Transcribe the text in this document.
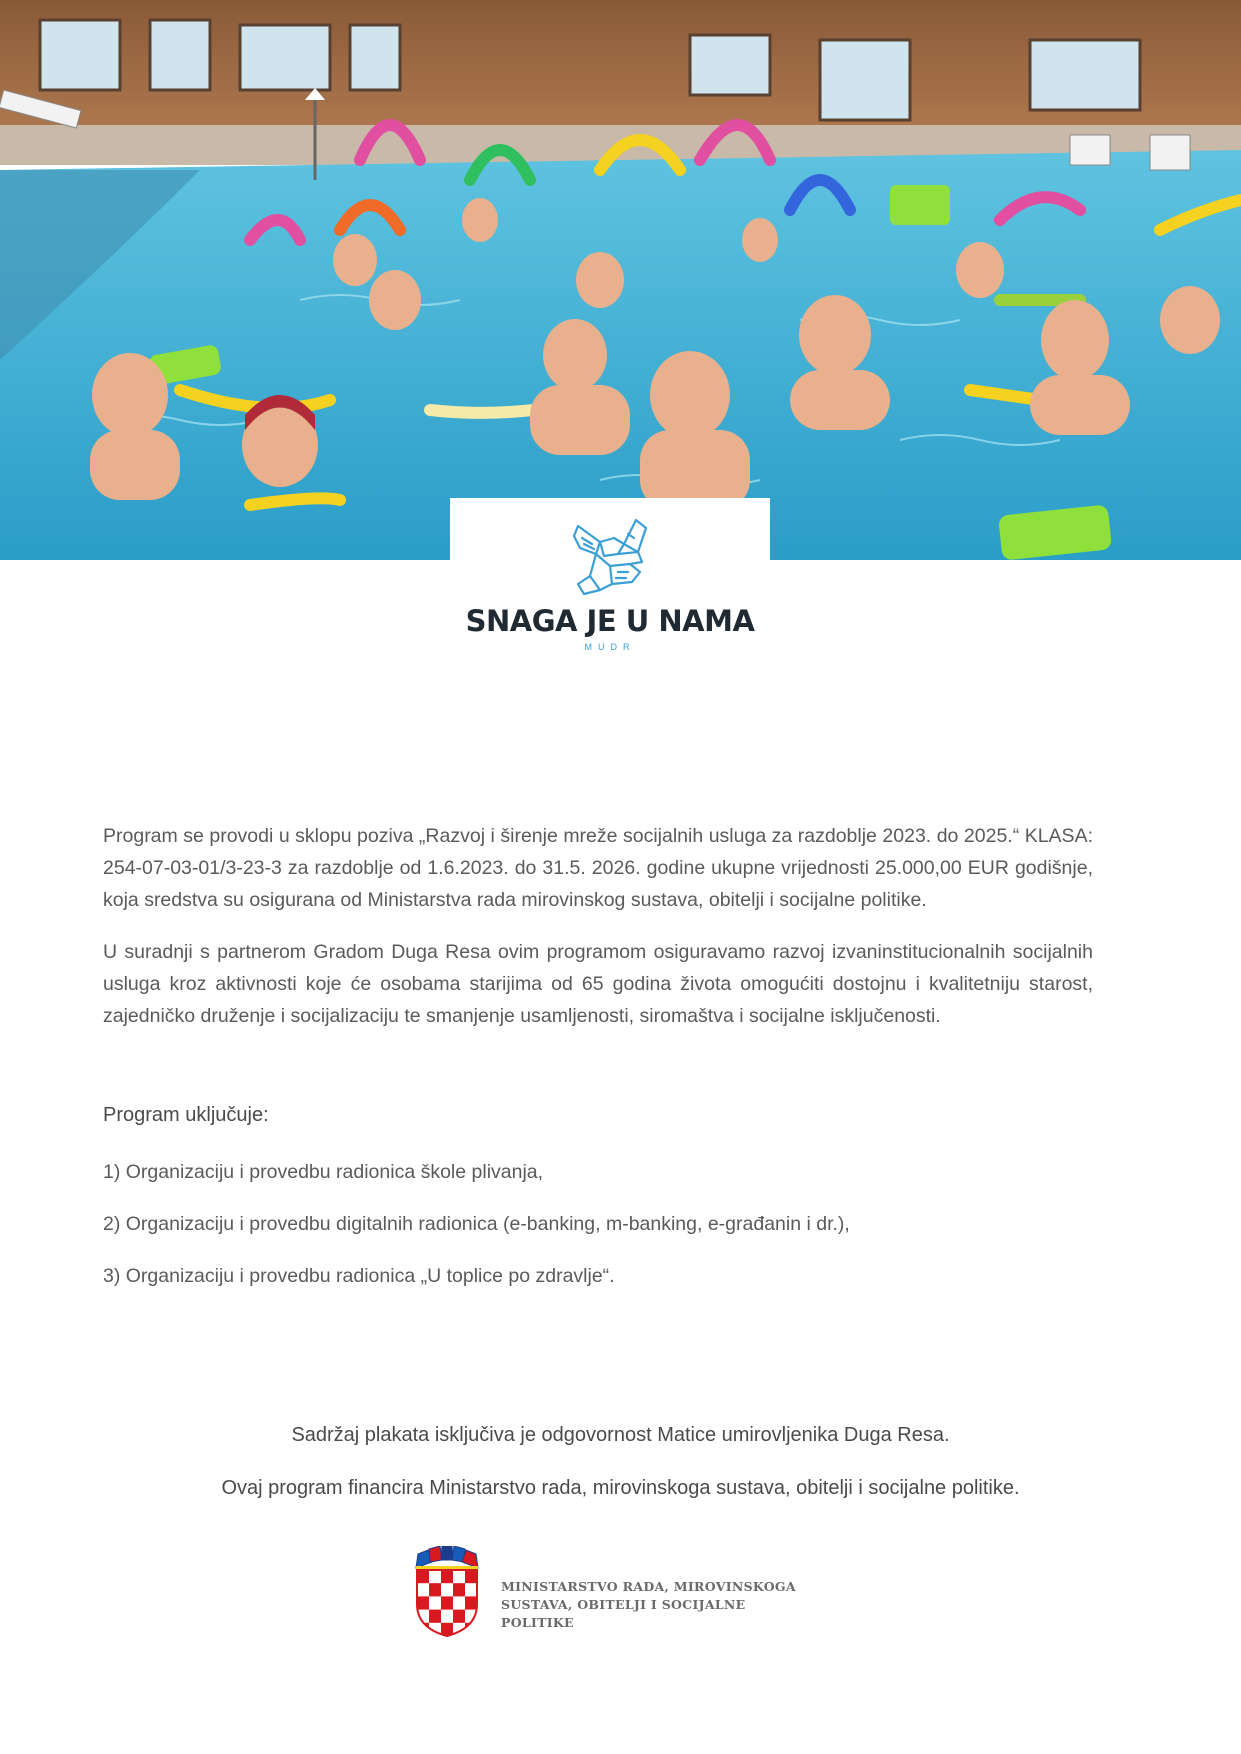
SNAGA JE U NAMA
MUDR

Program se provodi u sklopu poziva „Razvoj i širenje mreže socijalnih usluga za razdoblje 2023. do 2025.“ KLASA: 254-07-03-01/3-23-3 za razdoblje od 1.6.2023. do 31.5. 2026. godine ukupne vrijednosti 25.000,00 EUR godišnje, koja sredstva su osigurana od Ministarstva rada mirovinskog sustava, obitelji i socijalne politike.

U suradnji s partnerom Gradom Duga Resa ovim programom osiguravamo razvoj izvaninstitucionalnih socijalnih usluga kroz aktivnosti koje će osobama starijima od 65 godina života omogućiti dostojnu i kvalitetniju starost, zajedničko druženje i socijalizaciju te smanjenje usamljenosti, siromaštva i socijalne isključenosti.

Program uključuje:
1) Organizaciju i provedbu radionica škole plivanja,
2) Organizaciju i provedbu digitalnih radionica (e-banking, m-banking, e-građanin i dr.),
3) Organizaciju i provedbu radionica „U toplice po zdravlje“.
Sadržaj plakata isključiva je odgovornost Matice umirovljenika Duga Resa.
Ovaj program financira Ministarstvo rada, mirovinskoga sustava, obitelji i socijalne politike.
MINISTARSTVO RADA, MIROVINSKOGA
SUSTAVA, OBITELJI I SOCIJALNE POLITIKE
